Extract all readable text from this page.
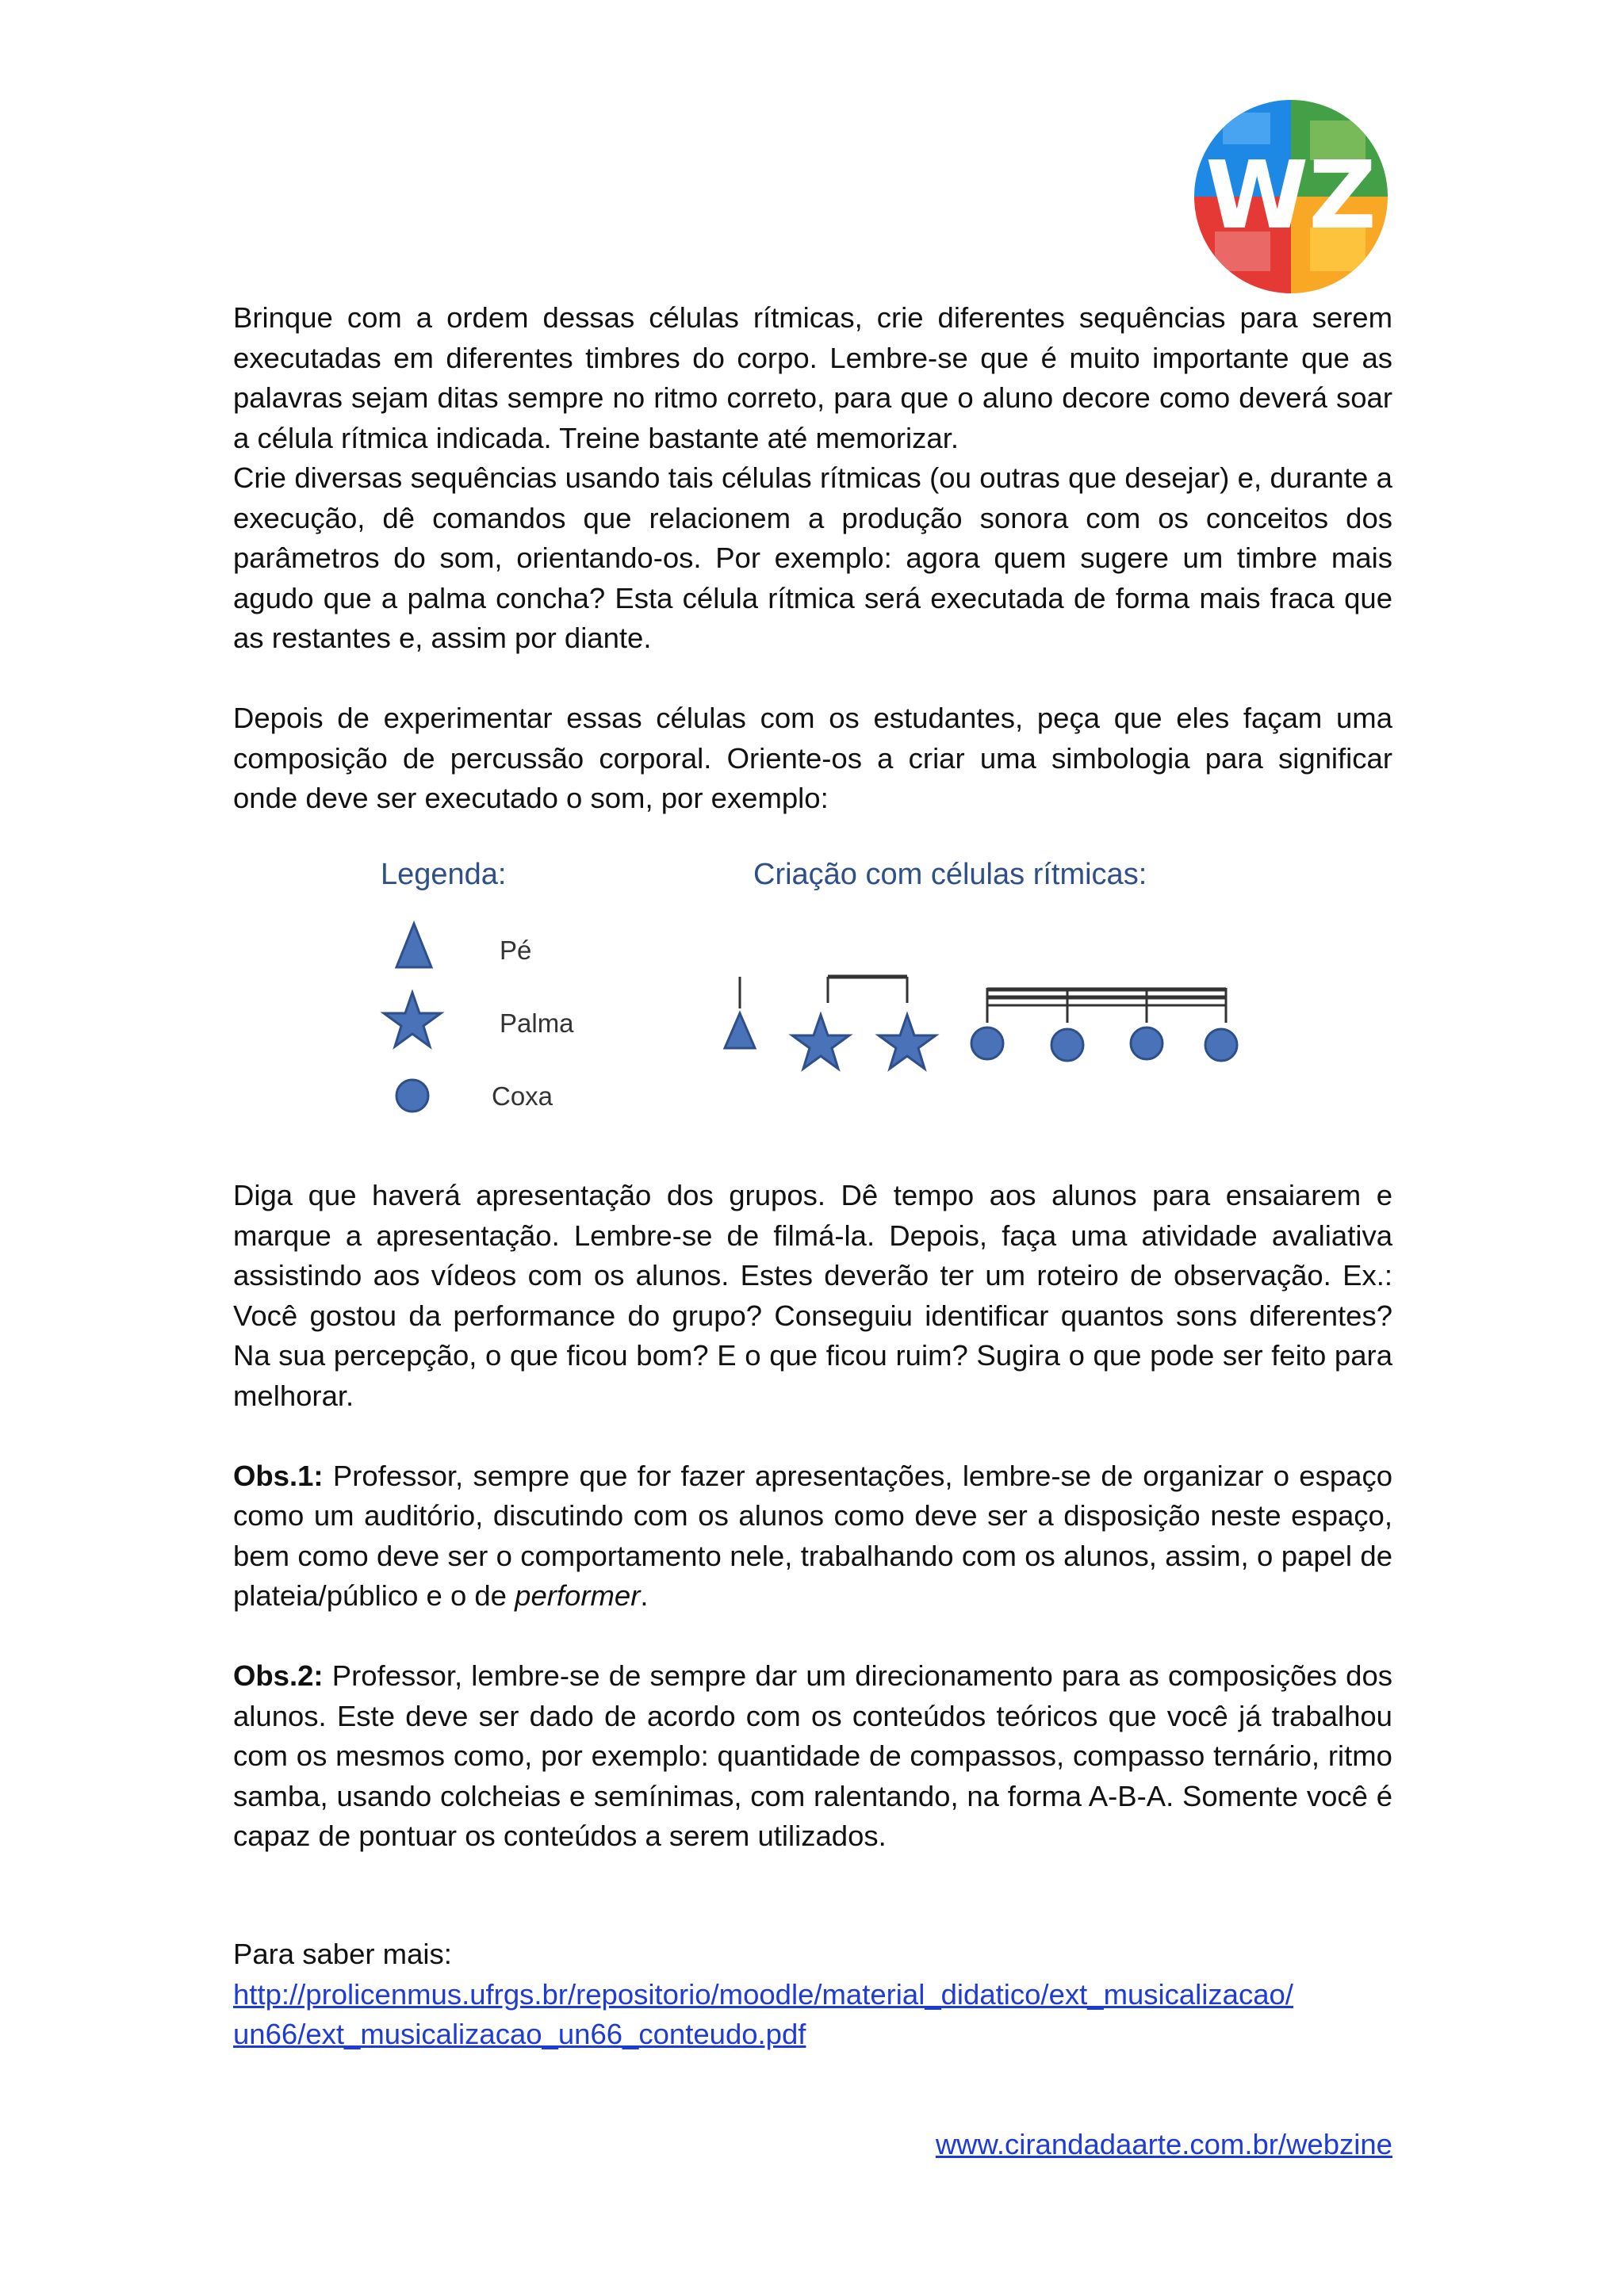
WZ

Brinque com a ordem dessas células rítmicas, crie diferentes sequências para serem executadas em diferentes timbres do corpo. Lembre-se que é muito importante que as palavras sejam ditas sempre no ritmo correto, para que o aluno decore como deverá soar a célula rítmica indicada. Treine bastante até memorizar.

Crie diversas sequências usando tais células rítmicas (ou outras que desejar) e, durante a execução, dê comandos que relacionem a produção sonora com os conceitos dos parâmetros do som, orientando-os. Por exemplo: agora quem sugere um timbre mais agudo que a palma concha? Esta célula rítmica será executada de forma mais fraca que as restantes e, assim por diante.

Depois de experimentar essas células com os estudantes, peça que eles façam uma composição de percussão corporal. Oriente-os a criar uma simbologia para significar onde deve ser executado o som, por exemplo:

Legenda:	Criação com células rítmicas:
Pé
Palma
Coxa

Diga que haverá apresentação dos grupos. Dê tempo aos alunos para ensaiarem e marque a apresentação. Lembre-se de filmá-la. Depois, faça uma atividade avaliativa assistindo aos vídeos com os alunos. Estes deverão ter um roteiro de observação. Ex.: Você gostou da performance do grupo? Conseguiu identificar quantos sons diferentes? Na sua percepção, o que ficou bom? E o que ficou ruim? Sugira o que pode ser feito para melhorar.

Obs.1: Professor, sempre que for fazer apresentações, lembre-se de organizar o espaço como um auditório, discutindo com os alunos como deve ser a disposição neste espaço, bem como deve ser o comportamento nele, trabalhando com os alunos, assim, o papel de plateia/público e o de performer.

Obs.2: Professor, lembre-se de sempre dar um direcionamento para as composições dos alunos. Este deve ser dado de acordo com os conteúdos teóricos que você já trabalhou com os mesmos como, por exemplo: quantidade de compassos, compasso ternário, ritmo samba, usando colcheias e semínimas, com ralentando, na forma A-B-A. Somente você é capaz de pontuar os conteúdos a serem utilizados.

Para saber mais:

http://prolicenmus.ufrgs.br/repositorio/moodle/material_didatico/ext_musicalizacao/

un66/ext_musicalizacao_un66_conteudo.pdf

www.cirandadaarte.com.br/webzine
